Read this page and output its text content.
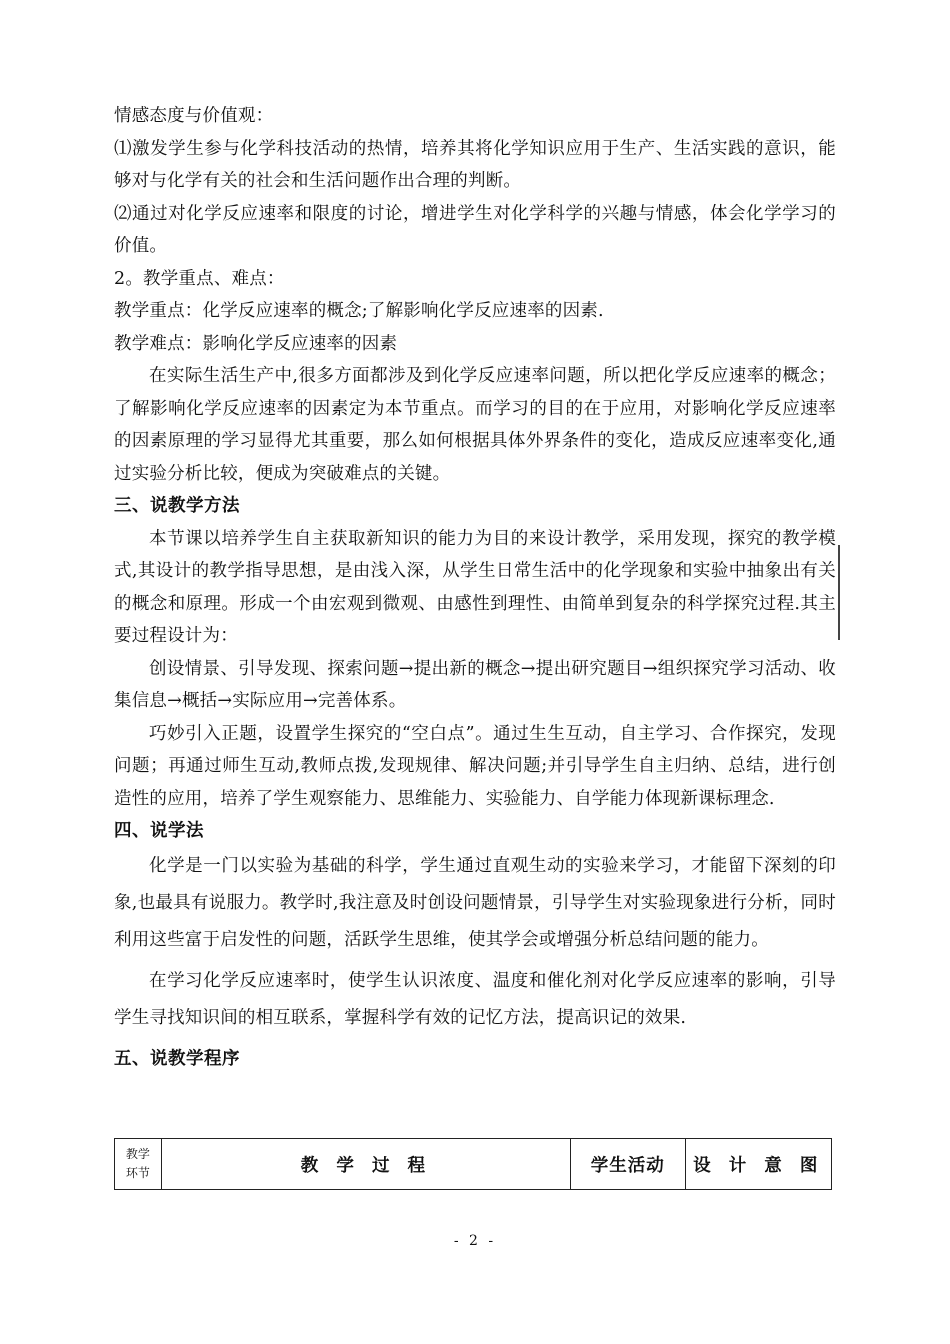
情感态度与价值观：

⑴激发学生参与化学科技活动的热情，培养其将化学知识应用于生产、生活实践的意识，能够对与化学有关的社会和生活问题作出合理的判断。

⑵通过对化学反应速率和限度的讨论，增进学生对化学科学的兴趣与情感，体会化学学习的价值。

2。教学重点、难点：

教学重点：化学反应速率的概念;了解影响化学反应速率的因素.

教学难点：影响化学反应速率的因素

在实际生活生产中,很多方面都涉及到化学反应速率问题，所以把化学反应速率的概念；了解影响化学反应速率的因素定为本节重点。而学习的目的在于应用，对影响化学反应速率的因素原理的学习显得尤其重要，那么如何根据具体外界条件的变化，造成反应速率变化,通过实验分析比较，便成为突破难点的关键。

三、说教学方法

本节课以培养学生自主获取新知识的能力为目的来设计教学，采用发现，探究的教学模式,其设计的教学指导思想，是由浅入深，从学生日常生活中的化学现象和实验中抽象出有关的概念和原理。形成一个由宏观到微观、由感性到理性、由简单到复杂的科学探究过程.其主要过程设计为：

创设情景、引导发现、探索问题→提出新的概念→提出研究题目→组织探究学习活动、收集信息→概括→实际应用→完善体系。

巧妙引入正题，设置学生探究的“空白点”。通过生生互动，自主学习、合作探究，发现问题；再通过师生互动,教师点拨,发现规律、解决问题;并引导学生自主归纳、总结，进行创造性的应用，培养了学生观察能力、思维能力、实验能力、自学能力体现新课标理念.

四、说学法

化学是一门以实验为基础的科学，学生通过直观生动的实验来学习，才能留下深刻的印象,也最具有说服力。教学时,我注意及时创设问题情景，引导学生对实验现象进行分析，同时利用这些富于启发性的问题，活跃学生思维，使其学会或增强分析总结问题的能力。

在学习化学反应速率时，使学生认识浓度、温度和催化剂对化学反应速率的影响，引导学生寻找知识间的相互联系，掌握科学有效的记忆方法，提高识记的效果.

五、说教学程序

教学
环节	教 学 过 程	学生活动	设 计 意 图
- 2 -
